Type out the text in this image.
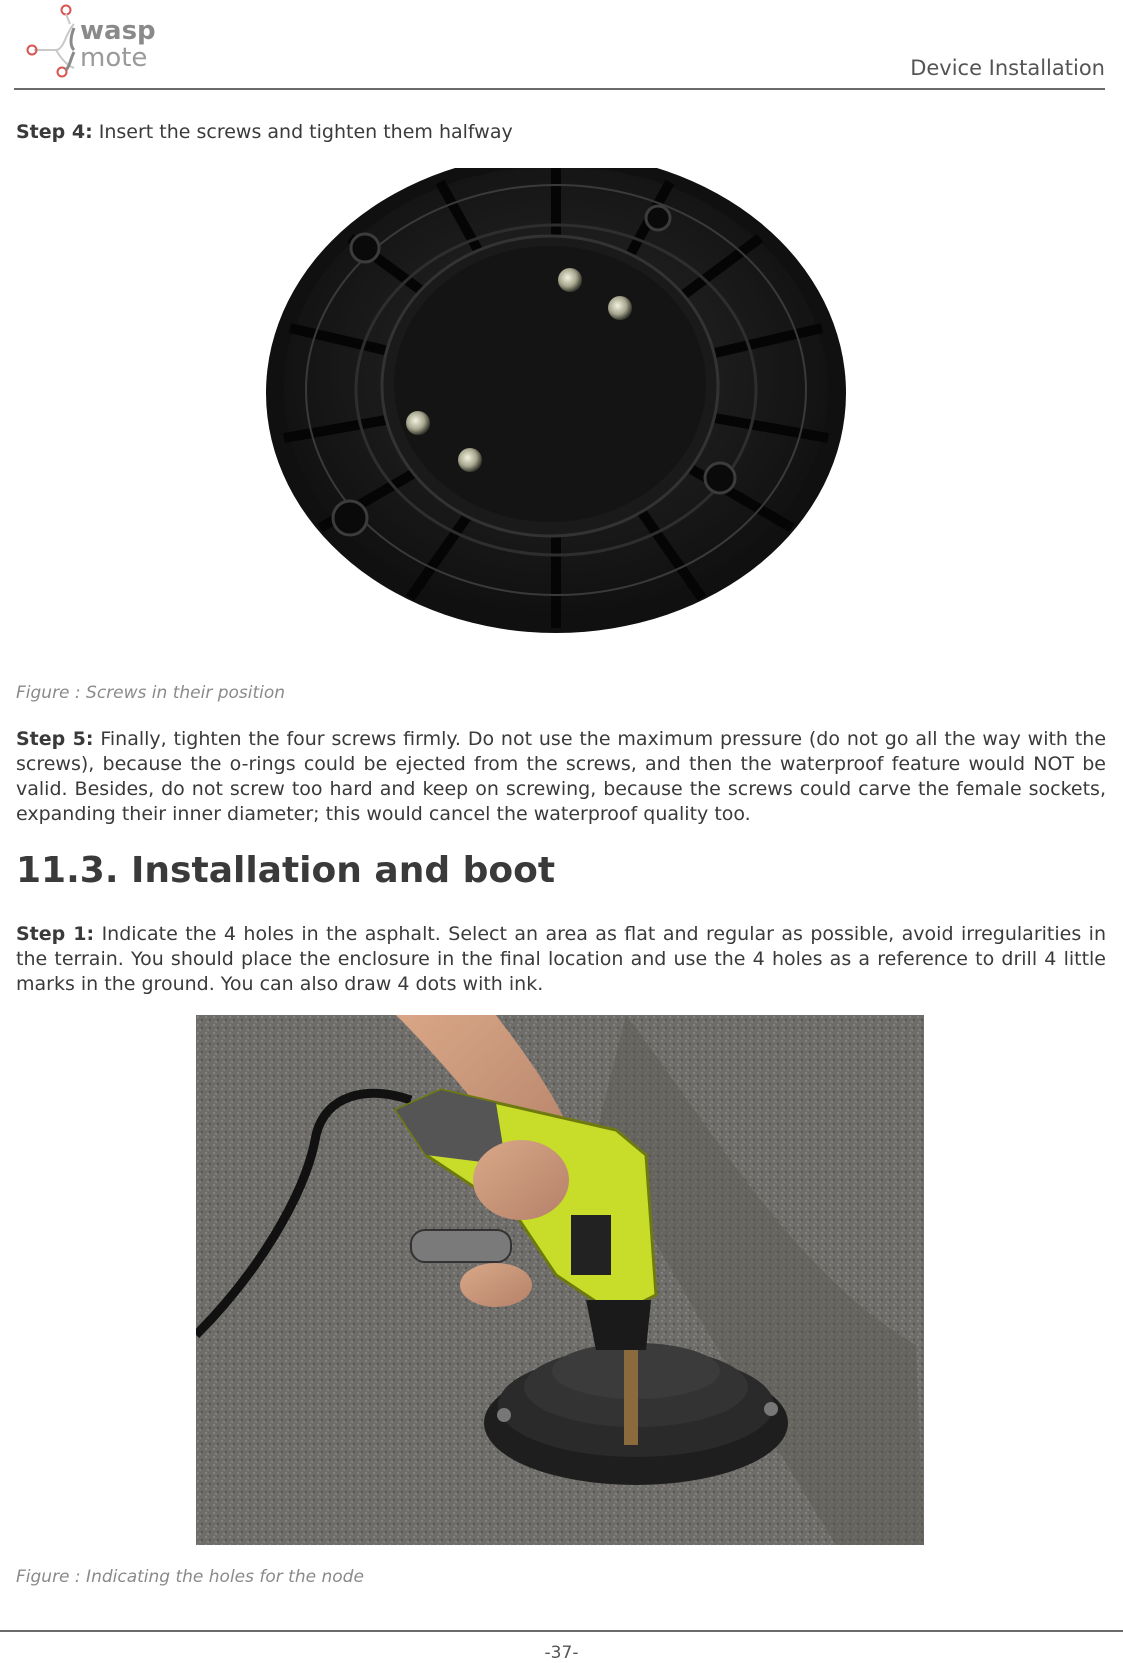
wasp
mote	Device Installation
Step 4: Insert the screws and tighten them halfway
Figure : Screws in their position
Step 5: Finally, tighten the four screws firmly. Do not use the maximum pressure (do not go all the way with the screws), because the o-rings could be ejected from the screws, and then the waterproof feature would NOT be valid. Besides, do not screw too hard and keep on screwing, because the screws could carve the female sockets, expanding their inner diameter; this would cancel the waterproof quality too.
11.3. Installation and boot
Step 1: Indicate the 4 holes in the asphalt. Select an area as flat and regular as possible, avoid irregularities in the terrain. You should place the enclosure in the final location and use the 4 holes as a reference to drill 4 little marks in the ground. You can also draw 4 dots with ink.
Figure : Indicating the holes for the node
-37-
